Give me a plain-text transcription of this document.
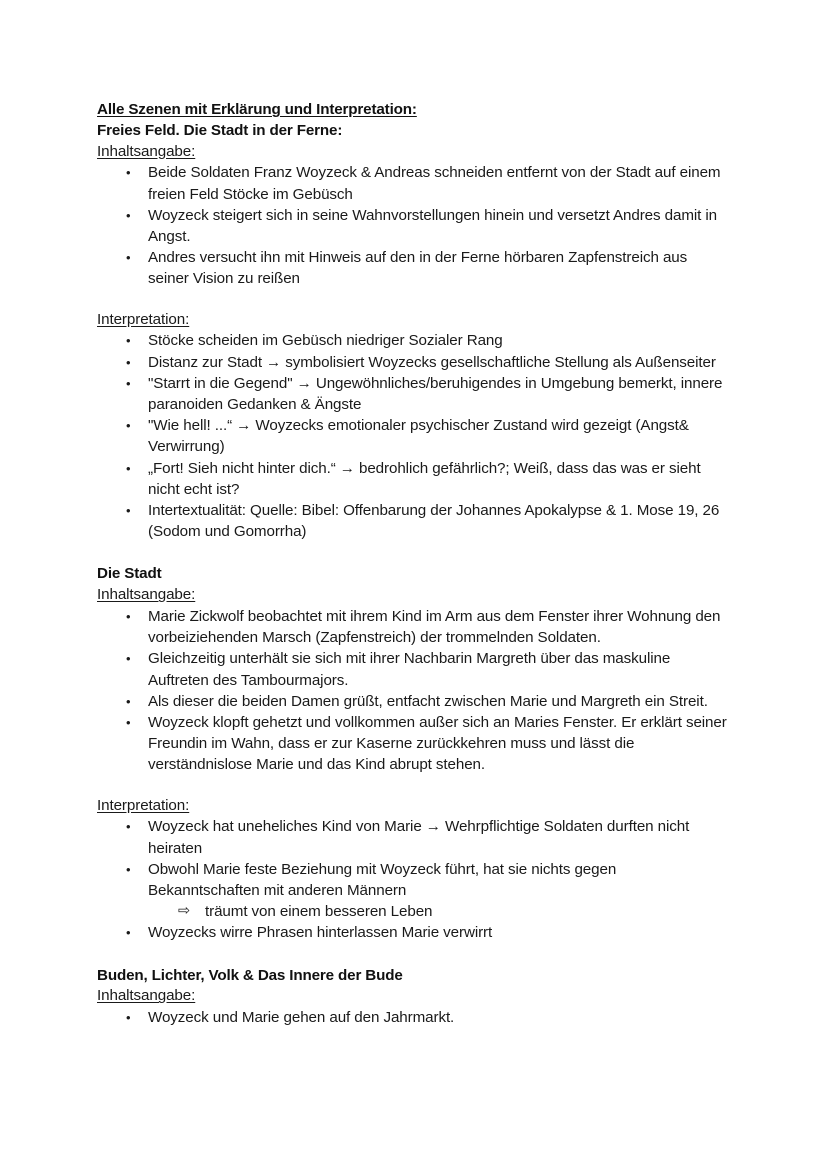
Alle Szenen mit Erklärung und Interpretation:
Freies Feld. Die Stadt in der Ferne:
Inhaltsangabe:
•	Beide Soldaten Franz Woyzeck & Andreas schneiden entfernt von der Stadt auf einem freien Feld Stöcke im Gebüsch
•	Woyzeck steigert sich in seine Wahnvorstellungen hinein und versetzt Andres damit in Angst.
•	Andres versucht ihn mit Hinweis auf den in der Ferne hörbaren Zapfenstreich aus seiner Vision zu reißen
Interpretation:
•	Stöcke scheiden im Gebüsch niedriger Sozialer Rang
•	Distanz zur Stadt → symbolisiert Woyzecks gesellschaftliche Stellung als Außenseiter
•	"Starrt in die Gegend" → Ungewöhnliches/beruhigendes in Umgebung bemerkt, innere paranoiden Gedanken & Ängste
•	"Wie hell! ...“ → Woyzecks emotionaler psychischer Zustand wird gezeigt (Angst& Verwirrung)
•	„Fort! Sieh nicht hinter dich.“ → bedrohlich gefährlich?; Weiß, dass das was er sieht nicht echt ist?
•	Intertextualität: Quelle: Bibel: Offenbarung der Johannes Apokalypse & 1. Mose 19, 26 (Sodom und Gomorrha)
Die Stadt
Inhaltsangabe:
•	Marie Zickwolf beobachtet mit ihrem Kind im Arm aus dem Fenster ihrer Wohnung den vorbeiziehenden Marsch (Zapfenstreich) der trommelnden Soldaten.
•	Gleichzeitig unterhält sie sich mit ihrer Nachbarin Margreth über das maskuline Auftreten des Tambourmajors.
•	Als dieser die beiden Damen grüßt, entfacht zwischen Marie und Margreth ein Streit.
•	Woyzeck klopft gehetzt und vollkommen außer sich an Maries Fenster. Er erklärt seiner Freundin im Wahn, dass er zur Kaserne zurückkehren muss und lässt die verständnislose Marie und das Kind abrupt stehen.
Interpretation:
•	Woyzeck hat uneheliches Kind von Marie → Wehrpflichtige Soldaten durften nicht heiraten
•	Obwohl Marie feste Beziehung mit Woyzeck führt, hat sie nichts gegen Bekanntschaften mit anderen Männern
⇨ träumt von einem besseren Leben
•	Woyzecks wirre Phrasen hinterlassen Marie verwirrt
Buden, Lichter, Volk & Das Innere der Bude
Inhaltsangabe:
•	Woyzeck und Marie gehen auf den Jahrmarkt.
